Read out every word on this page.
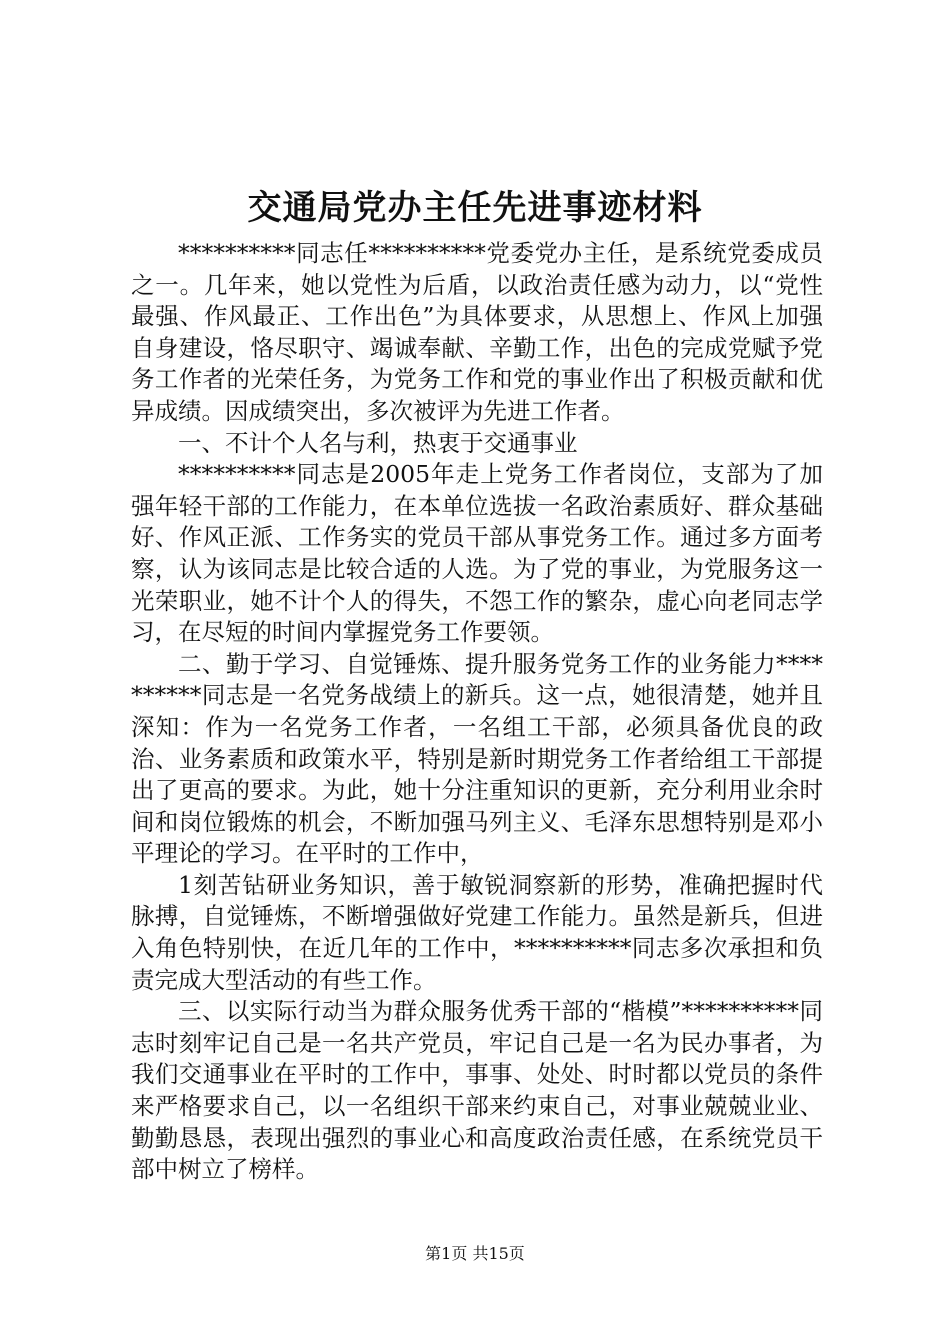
交通局党办主任先进事迹材料

**********同志任**********党委党办主任，是系统党委成员之一。几年来，她以党性为后盾，以政治责任感为动力，以“党性最强、作风最正、工作出色”为具体要求，从思想上、作风上加强自身建设，恪尽职守、竭诚奉献、辛勤工作，出色的完成党赋予党务工作者的光荣任务，为党务工作和党的事业作出了积极贡献和优异成绩。因成绩突出，多次被评为先进工作者。

一、不计个人名与利，热衷于交通事业

**********同志是2005年走上党务工作者岗位，支部为了加强年轻干部的工作能力，在本单位选拔一名政治素质好、群众基础好、作风正派、工作务实的党员干部从事党务工作。通过多方面考察，认为该同志是比较合适的人选。为了党的事业，为党服务这一光荣职业，她不计个人的得失，不怨工作的繁杂，虚心向老同志学习，在尽短的时间内掌握党务工作要领。

二、勤于学习、自觉锤炼、提升服务党务工作的业务能力**********同志是一名党务战绩上的新兵。这一点，她很清楚，她并且深知：作为一名党务工作者，一名组工干部，必须具备优良的政治、业务素质和政策水平，特别是新时期党务工作者给组工干部提出了更高的要求。为此，她十分注重知识的更新，充分利用业余时间和岗位锻炼的机会，不断加强马列主义、毛泽东思想特别是邓小平理论的学习。在平时的工作中，

1刻苦钻研业务知识，善于敏锐洞察新的形势，准确把握时代脉搏，自觉锤炼，不断增强做好党建工作能力。虽然是新兵，但进入角色特别快，在近几年的工作中，**********同志多次承担和负责完成大型活动的有些工作。

三、以实际行动当为群众服务优秀干部的“楷模”**********同志时刻牢记自己是一名共产党员，牢记自己是一名为民办事者，为我们交通事业在平时的工作中，事事、处处、时时都以党员的条件来严格要求自己，以一名组织干部来约束自己，对事业兢兢业业、勤勤恳恳，表现出强烈的事业心和高度政治责任感，在系统党员干部中树立了榜样。

第1页 共15页
